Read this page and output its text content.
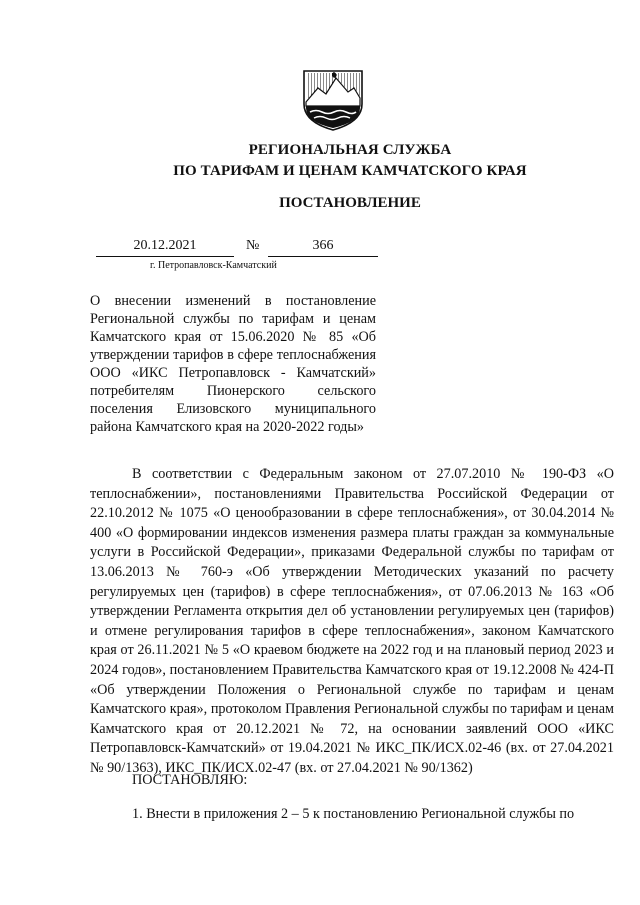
РЕГИОНАЛЬНАЯ СЛУЖБА
ПО ТАРИФАМ И ЦЕНАМ КАМЧАТСКОГО КРАЯ
ПОСТАНОВЛЕНИЕ
20.12.2021	№	366
г. Петропавловск-Камчатский
О внесении изменений в постановление Региональной службы по тарифам и ценам Камчатского края от 15.06.2020 № 85 «Об утверждении тарифов в сфере теплоснабжения ООО «ИКС Петропавловск - Камчатский» потребителям Пионерского сельского поселения Елизовского муниципального района Камчатского края на 2020-2022 годы»
В соответствии с Федеральным законом от 27.07.2010 № 190-ФЗ «О теплоснабжении», постановлениями Правительства Российской Федерации от 22.10.2012 № 1075 «О ценообразовании в сфере теплоснабжения», от 30.04.2014 № 400 «О формировании индексов изменения размера платы граждан за коммунальные услуги в Российской Федерации», приказами Федеральной службы по тарифам от 13.06.2013 № 760-э «Об утверждении Методических указаний по расчету регулируемых цен (тарифов) в сфере теплоснабжения», от 07.06.2013 № 163 «Об утверждении Регламента открытия дел об установлении регулируемых цен (тарифов) и отмене регулирования тарифов в сфере теплоснабжения», законом Камчатского края от 26.11.2021 № 5 «О краевом бюджете на 2022 год и на плановый период 2023 и 2024 годов», постановлением Правительства Камчатского края от 19.12.2008 № 424-П «Об утверждении Положения о Региональной службе по тарифам и ценам Камчатского края», протоколом Правления Региональной службы по тарифам и ценам Камчатского края от 20.12.2021 № 72, на основании заявлений ООО «ИКС Петропавловск-Камчатский» от 19.04.2021 № ИКС_ПК/ИСХ.02-46 (вх. от 27.04.2021 № 90/1363), ИКС_ПК/ИСХ.02-47 (вх. от 27.04.2021 № 90/1362)
ПОСТАНОВЛЯЮ:
1. Внести в приложения 2 – 5 к постановлению Региональной службы по
